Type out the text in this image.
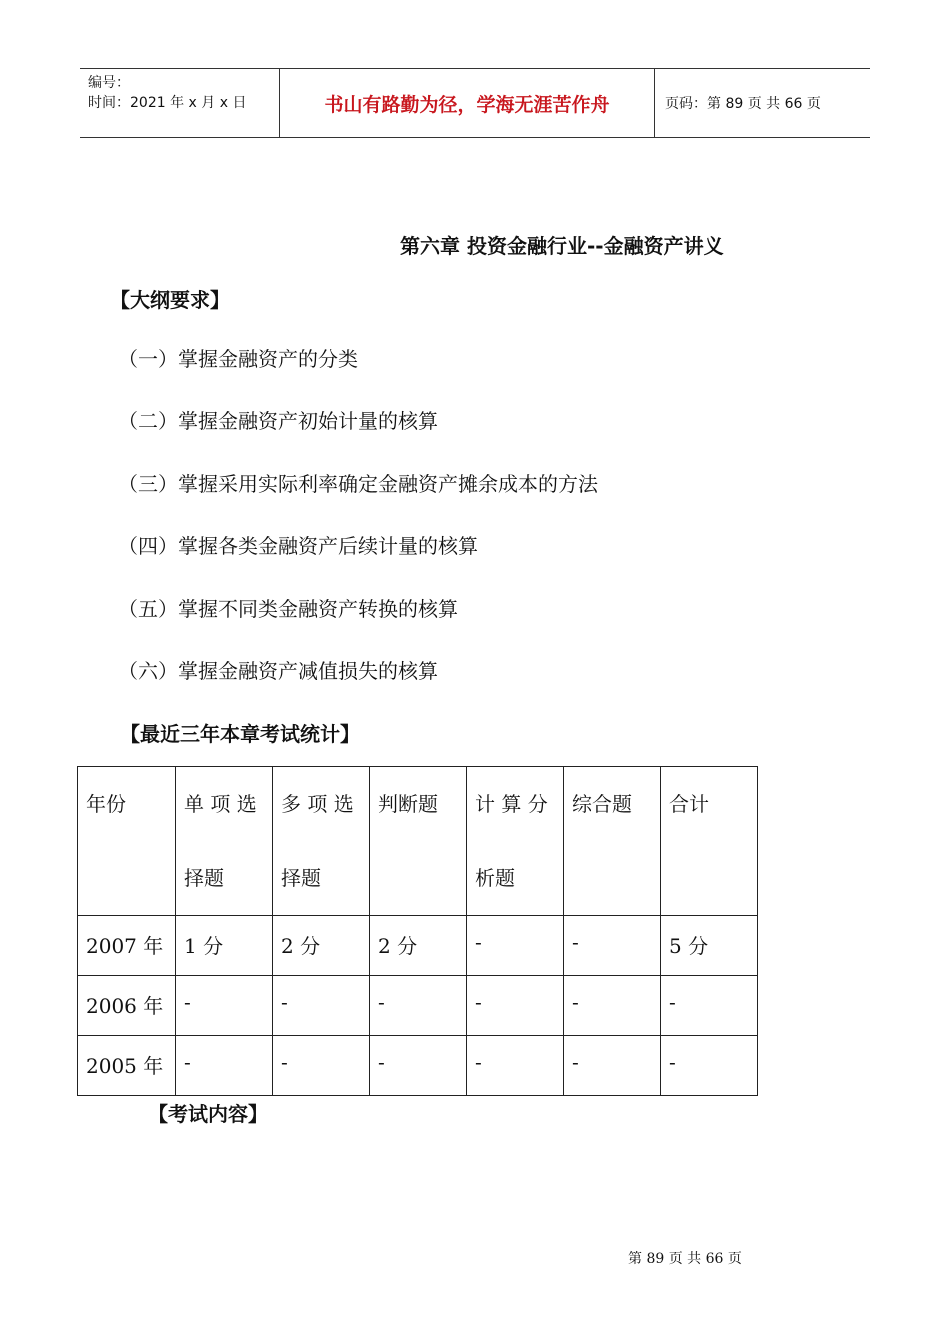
编号：
时间：2021 年 x 月 x 日	书山有路勤为径，学海无涯苦作舟	页码：第 89 页 共 66 页
第六章 投资金融行业--金融资产讲义
【大纲要求】
（一）掌握金融资产的分类
（二）掌握金融资产初始计量的核算
（三）掌握采用实际利率确定金融资产摊余成本的方法
（四）掌握各类金融资产后续计量的核算
（五）掌握不同类金融资产转换的核算
（六）掌握金融资产减值损失的核算
【最近三年本章考试统计】
年份	单 项 选 择题	多 项 选 择题	判断题	计 算 分 析题	综合题	合计
2007 年	1 分	2 分	2 分	-	-	5 分
2006 年	-	-	-	-	-	-
2005 年	-	-	-	-	-	-
【考试内容】
第 89 页 共 66 页
